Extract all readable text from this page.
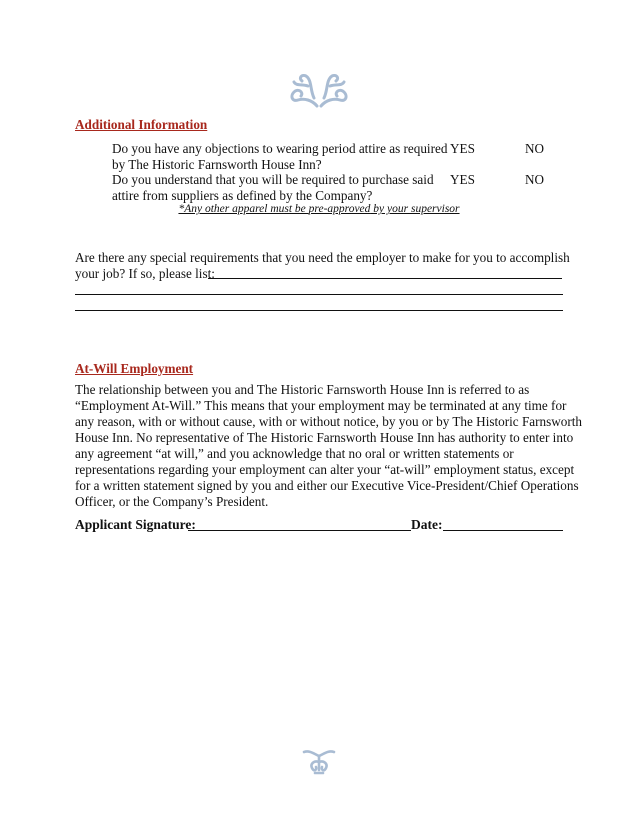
Additional Information
Do you have any objections to wearing period attire as required
by The Historic Farnsworth House Inn?
YES	NO
Do you understand that you will be required to purchase said
attire from suppliers as defined by the Company?
YES	NO
*Any other apparel must be pre-approved by your supervisor
Are there any special requirements that you need the employer to make for you to accomplish
your job? If so, please list:
At-Will Employment
The relationship between you and The Historic Farnsworth House Inn is referred to as
“Employment At-Will.” This means that your employment may be terminated at any time for
any reason, with or without cause, with or without notice, by you or by The Historic Farnsworth
House Inn. No representative of The Historic Farnsworth House Inn has authority to enter into
any agreement “at will,” and you acknowledge that no oral or written statements or
representations regarding your employment can alter your “at-will” employment status, except
for a written statement signed by you and either our Executive Vice-President/Chief Operations
Officer, or the Company’s President.
Applicant Signature:	Date:
